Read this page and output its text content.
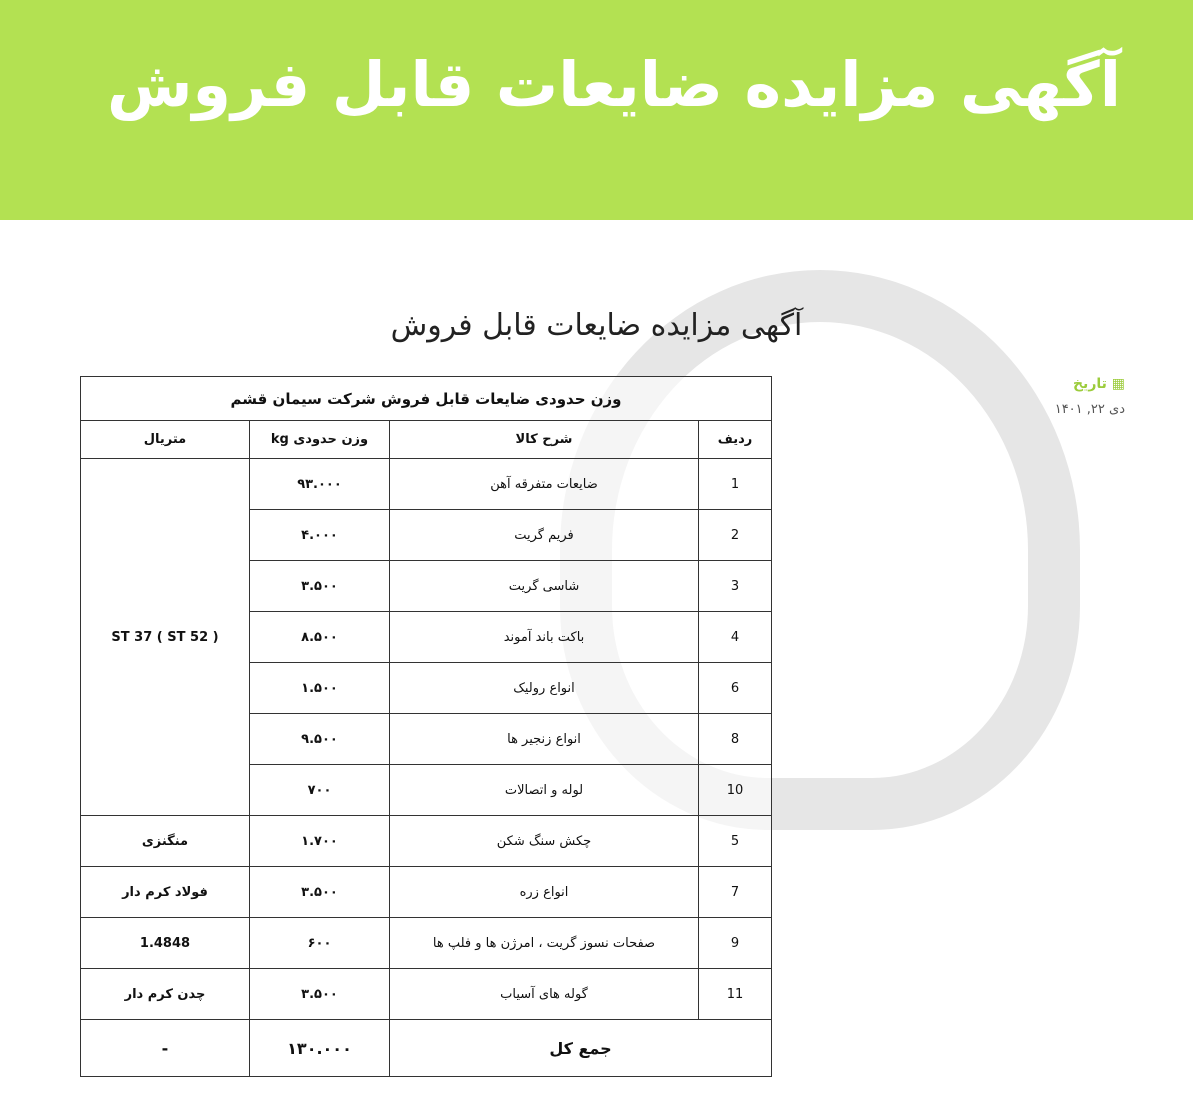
آگهی مزایده ضایعات قابل فروش
آگهی مزایده ضایعات قابل فروش
▦ تاریخ
دی ۲۲, ۱۴۰۱
وزن حدودی ضایعات قابل فروش شرکت سیمان قشم			
ردیف	شرح کالا	وزن حدودی kg	متریال
1	ضایعات متفرقه آهن	۹۳.۰۰۰	ST 37 ( ST 52 )
2	فریم گریت	۴.۰۰۰	
3	شاسی گریت	۳.۵۰۰	
4	باکت باند آموند	۸.۵۰۰	
6	انواع رولیک	۱.۵۰۰	
8	انواع زنجیر ها	۹.۵۰۰	
10	لوله و اتصالات	۷۰۰	
5	چکش سنگ شکن	۱.۷۰۰	منگنزی
7	انواع زره	۳.۵۰۰	فولاد کرم دار
9	صفحات نسوز گریت ، امرژن ها و فلپ ها	۶۰۰	1.4848
11	گوله های آسیاب	۳.۵۰۰	چدن کرم دار
جمع کل		۱۳۰.۰۰۰	-
